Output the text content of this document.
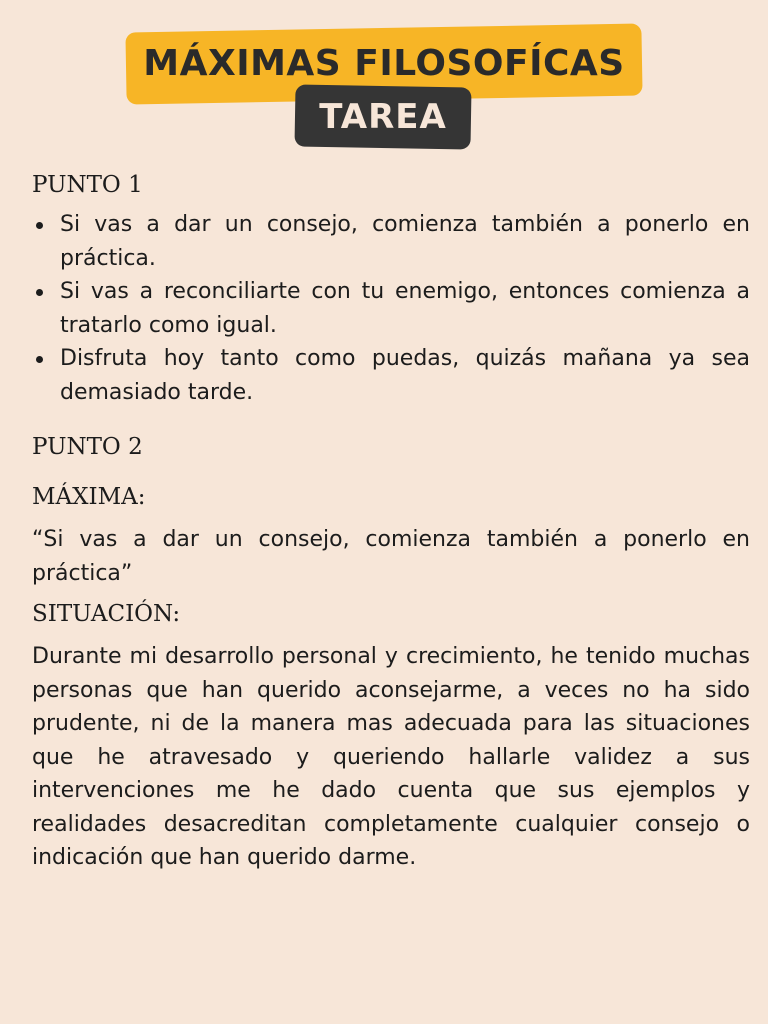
MÁXIMAS FILOSOFÍCAS
TAREA
PUNTO 1
Si vas a dar un consejo, comienza también a ponerlo en práctica.
Si vas a reconciliarte con tu enemigo, entonces comienza a tratarlo como igual.
Disfruta hoy tanto como puedas, quizás mañana ya sea demasiado tarde.
PUNTO 2
MÁXIMA:

“Si vas a dar un consejo, comienza también a ponerlo en práctica”

SITUACIÓN:

Durante mi desarrollo personal y crecimiento, he tenido muchas personas que han querido aconsejarme, a veces no ha sido prudente, ni de la manera mas adecuada para las situaciones que he atravesado y queriendo hallarle validez a sus intervenciones me he dado cuenta que sus ejemplos y realidades desacreditan completamente cualquier consejo o indicación que han querido darme.
